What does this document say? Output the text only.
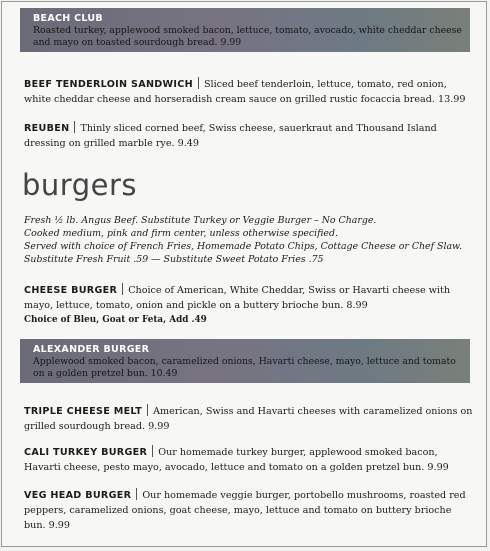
BEACH CLUB
Roasted turkey, applewood smoked bacon, lettuce, tomato, avocado, white cheddar cheese and mayo on toasted sourdough bread. 9.99
BEEF TENDERLOIN SANDWICH Sliced beef tenderloin, lettuce, tomato, red onion, white cheddar cheese and horseradish cream sauce on grilled rustic focaccia bread. 13.99
REUBEN Thinly sliced corned beef, Swiss cheese, sauerkraut and Thousand Island dressing on grilled marble rye. 9.49
burgers
Fresh ½ lb. Angus Beef. Substitute Turkey or Veggie Burger – No Charge.
Cooked medium, pink and firm center, unless otherwise specified.
Served with choice of French Fries, Homemade Potato Chips, Cottage Cheese or Chef Slaw.
Substitute Fresh Fruit .59 — Substitute Sweet Potato Fries .75
CHEESE BURGER Choice of American, White Cheddar, Swiss or Havarti cheese with mayo, lettuce, tomato, onion and pickle on a buttery brioche bun. 8.99
Choice of Bleu, Goat or Feta, Add .49
ALEXANDER BURGER
Applewood smoked bacon, caramelized onions, Havarti cheese, mayo, lettuce and tomato on a golden pretzel bun. 10.49
TRIPLE CHEESE MELT American, Swiss and Havarti cheeses with caramelized onions on grilled sourdough bread. 9.99
CALI TURKEY BURGER Our homemade turkey burger, applewood smoked bacon, Havarti cheese, pesto mayo, avocado, lettuce and tomato on a golden pretzel bun. 9.99
VEG HEAD BURGER Our homemade veggie burger, portobello mushrooms, roasted red peppers, caramelized onions, goat cheese, mayo, lettuce and tomato on buttery brioche bun. 9.99
